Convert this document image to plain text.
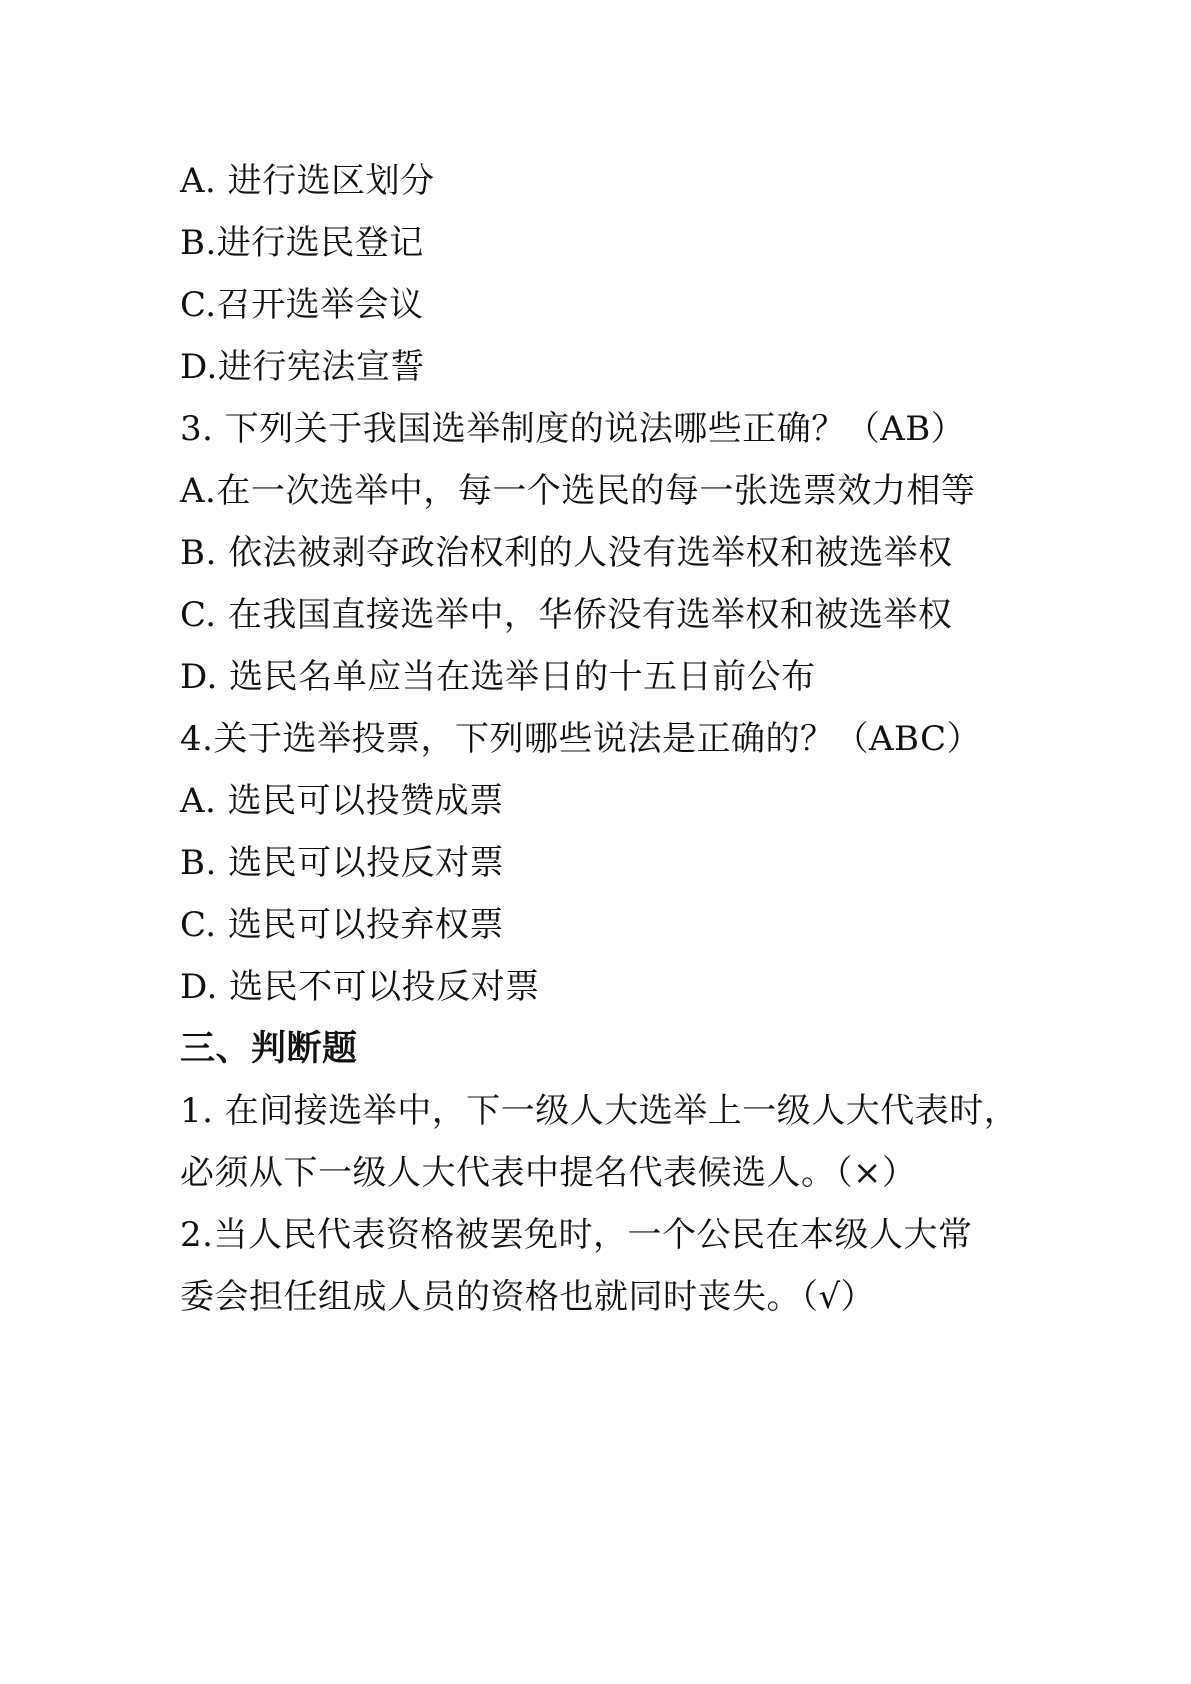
A. 进行选区划分
B.进行选民登记
C.召开选举会议
D.进行宪法宣誓
3. 下列关于我国选举制度的说法哪些正确？（AB）
A.在一次选举中，每一个选民的每一张选票效力相等
B. 依法被剥夺政治权利的人没有选举权和被选举权
C. 在我国直接选举中，华侨没有选举权和被选举权
D. 选民名单应当在选举日的十五日前公布
4.关于选举投票，下列哪些说法是正确的？（ABC）
A. 选民可以投赞成票
B. 选民可以投反对票
C. 选民可以投弃权票
D. 选民不可以投反对票
三、判断题
1. 在间接选举中，下一级人大选举上一级人大代表时，
必须从下一级人大代表中提名代表候选人。（×）
2.当人民代表资格被罢免时，一个公民在本级人大常
委会担任组成人员的资格也就同时丧失。（√）
